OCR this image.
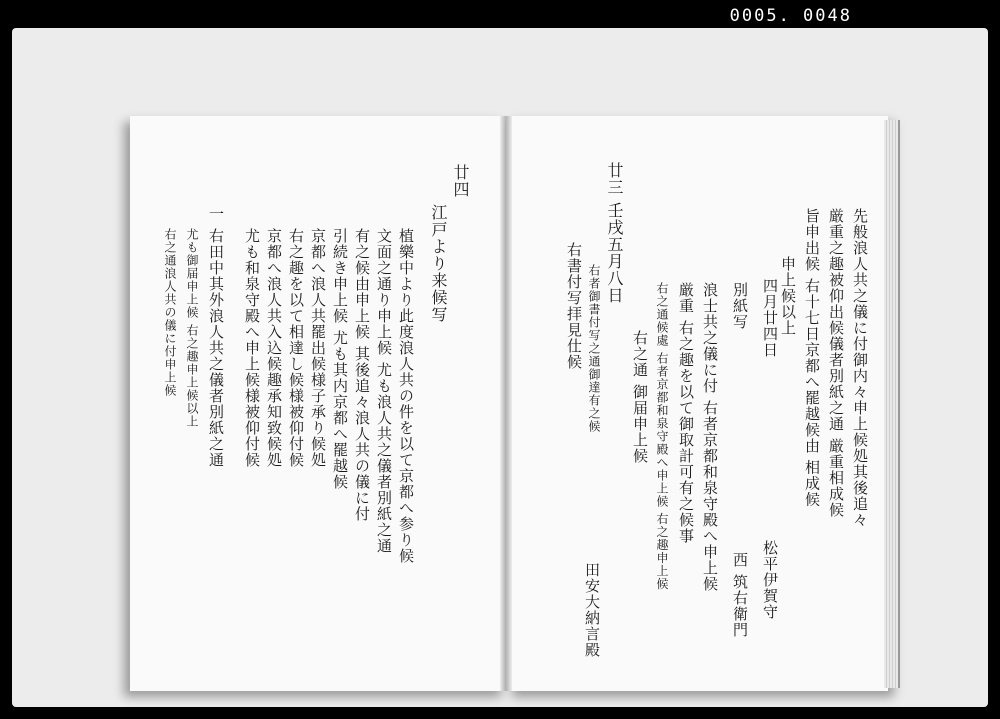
0005. 0048
廿四
江戸より来候写
植樂中より此度浪人共の件を以て京都へ参り候
文面之通り申上候 尤も浪人共之儀者別紙之通
有之候由申上候 其後追々浪人共の儀に付
引続き申上候 尤も其内京都へ罷越候
京都へ浪人共罷出候様子承り候処
右之趣を以て相達し候様被仰付候
京都へ浪人共入込候趣承知致候処
尤も和泉守殿へ申上候様被仰付候
一 右田中其外浪人共之儀者別紙之通
尤も御届申上候 右之趣申上候以上
右之通浪人共の儀に付申上候	廿三 壬戌五月八日	先般浪人共之儀に付御内々申上候処其後追々
厳重之趣被仰出候儀者別紙之通 厳重相成候
旨申出候 右十七日京都へ罷越候由 相成候
申上候以上
四月廿四日
別紙写
浪士共之儀に付 右者京都和泉守殿へ申上候
厳重 右之趣を以て御取計可有之候事
右之通候處 右者京都和泉守殿へ申上候 右之趣申上候
右之通 御届申上候
右者御書付写之通御達有之候
右書付写拝見仕候
松平伊賀守
西 筑右衛門
田安大納言殿
